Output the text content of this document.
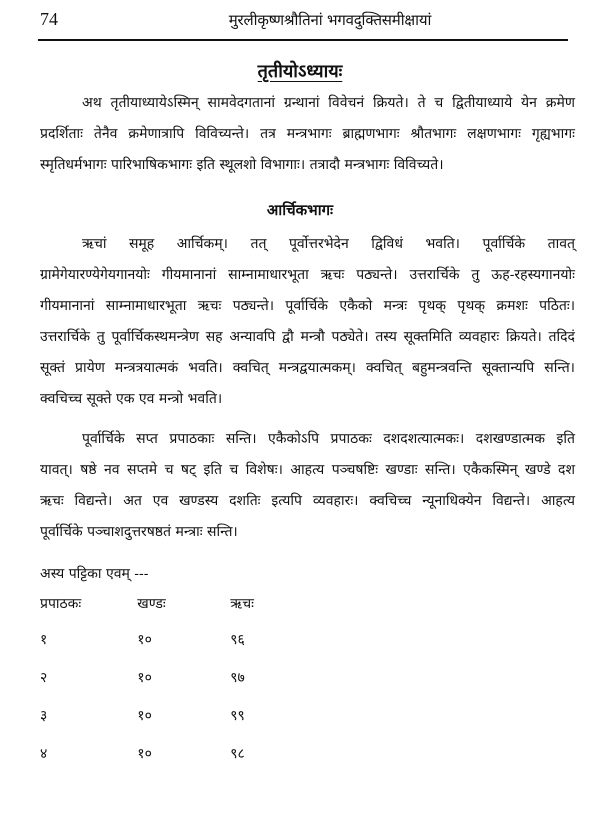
74	मुरलीकृष्णश्रौतिनां भगवदुक्तिसमीक्षायां
तृतीयोऽध्यायः
अथ तृतीयाध्यायेऽस्मिन् सामवेदगतानां ग्रन्थानां विवेचनं क्रियते। ते च द्वितीयाध्याये येन क्रमेण
प्रदर्शिताः तेनैव क्रमेणात्रापि विविच्यन्ते। तत्र मन्त्रभागः ब्राह्मणभागः श्रौतभागः लक्षणभागः गृह्यभागः
स्मृतिधर्मभागः पारिभाषिकभागः इति स्थूलशो विभागाः। तत्रादौ मन्त्रभागः विविच्यते।
आर्चिकभागः
ऋचां समूह आर्चिकम्। तत् पूर्वोत्तरभेदेन द्विविधं भवति। पूर्वार्चिके तावत्
ग्रामेगेयारण्येगेयगानयोः गीयमानानां साम्नामाधारभूता ऋचः पठ्यन्ते। उत्तरार्चिके तु ऊह-रहस्यगानयोः
गीयमानानां साम्नामाधारभूता ऋचः पठ्यन्ते। पूर्वार्चिके एकैको मन्त्रः पृथक् पृथक् क्रमशः पठितः।
उत्तरार्चिके तु पूर्वार्चिकस्थमन्त्रेण सह अन्यावपि द्वौ मन्त्रौ पठ्येते। तस्य सूक्तमिति व्यवहारः क्रियते। तदिदं
सूक्तं प्रायेण मन्त्रत्रयात्मकं भवति। क्वचित् मन्त्रद्वयात्मकम्। क्वचित् बहुमन्त्रवन्ति सूक्तान्यपि सन्ति।
क्वचिच्च सूक्ते एक एव मन्त्रो भवति।
पूर्वार्चिके सप्त प्रपाठकाः सन्ति। एकैकोऽपि प्रपाठकः दशदशत्यात्मकः। दशखण्डात्मक इति
यावत्। षष्ठे नव सप्तमे च षट् इति च विशेषः। आहत्य पञ्चषष्टिः खण्डाः सन्ति। एकैकस्मिन् खण्डे दश
ऋचः विद्यन्ते। अत एव खण्डस्य दशतिः इत्यपि व्यवहारः। क्वचिच्च न्यूनाधिक्येन विद्यन्ते। आहत्य
पूर्वार्चिके पञ्चाशदुत्तरषष्ठतं मन्त्राः सन्ति।
अस्य पट्टिका एवम् ---
प्रपाठकः	खण्डः	ऋचः
१	१०	९६
२	१०	९७
३	१०	९९
४	१०	९८
